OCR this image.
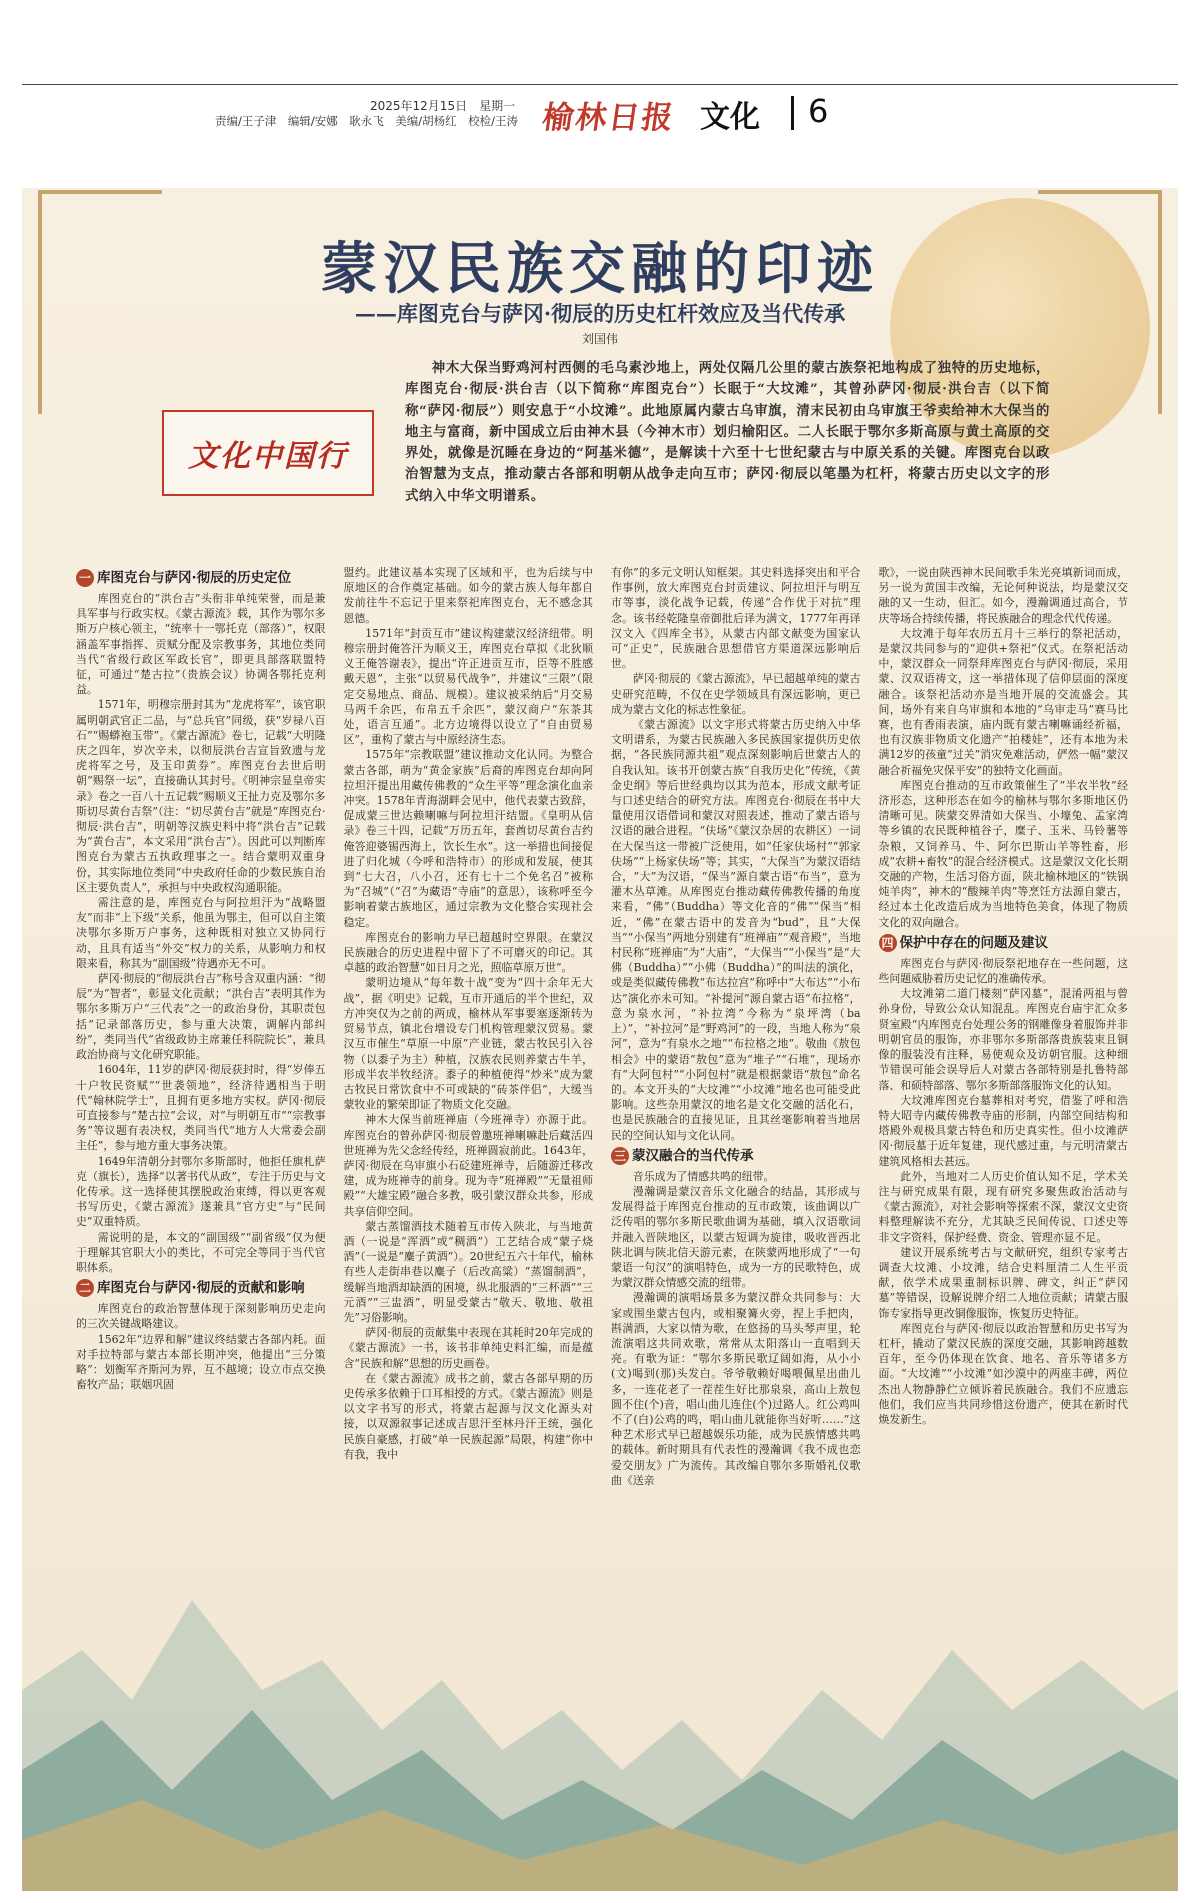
2025年12月15日　星期一
责编/王子津　编辑/安娜　耿永飞　美编/胡杨红　校检/王涛 榆林日报 文化 6
蒙汉民族交融的印迹
——库图克台与萨冈·彻辰的历史杠杆效应及当代传承
刘国伟
文化中国行

神木大保当野鸡河村西侧的毛乌素沙地上，两处仅隔几公里的蒙古族祭祀地构成了独特的历史地标，库图克台·彻辰·洪台吉（以下简称“库图克台”）长眠于“大坟滩”，其曾孙萨冈·彻辰·洪台吉（以下简称“萨冈·彻辰”）则安息于“小坟滩”。此地原属内蒙古乌审旗，清末民初由乌审旗王爷卖给神木大保当的地主与富商，新中国成立后由神木县（今神木市）划归榆阳区。二人长眠于鄂尔多斯高原与黄土高原的交界处，就像是沉睡在身边的“阿基米德”，是解读十六至十七世纪蒙古与中原关系的关键。库图克台以政治智慧为支点，推动蒙古各部和明朝从战争走向互市；萨冈·彻辰以笔墨为杠杆，将蒙古历史以文字的形式纳入中华文明谱系。

一 库图克台与萨冈·彻辰的历史定位

库图克台的“洪台吉”头衔非单纯荣誉，而是兼具军事与行政实权。《蒙古源流》载，其作为鄂尔多斯万户核心领主，“统率十一鄂托克（部落）”，权限涵盖军事指挥、贡赋分配及宗教事务，其地位类同当代“省级行政区军政长官”，即更具部落联盟特征，可通过“楚古拉”（贵族会议）协调各鄂托克利益。

1571年，明穆宗册封其为“龙虎将军”，该官职属明朝武官正二品，与“总兵官”同级，获“岁禄八百石”“赐蟒袍玉带”。《蒙古源流》卷七，记载“大明隆庆之四年，岁次辛未，以彻辰洪台吉宣旨致遗与龙虎将军之号，及玉印黄券”。库图克台去世后明朝“赐祭一坛”，直接确认其封号。《明神宗显皇帝实录》卷之一百八十五记载“赐顺义王扯力克及鄂尔多斯切尽黄台吉祭”（注：“切尽黄台吉”就是“库图克台·彻辰·洪台吉”，明朝等汉族史料中将“洪台吉”记载为“黄台吉”，本文采用“洪台吉”）。因此可以判断库图克台为蒙古五执政理事之一。结合蒙明双重身份，其实际地位类同“中央政府任命的少数民族自治区主要负责人”，承担与中央政权沟通职能。

需注意的是，库图克台与阿拉坦汗为“战略盟友”而非“上下级”关系，他虽为鄂主，但可以自主策决鄂尔多斯万户事务，这种既相对独立又协同行动，且具有适当“外交”权力的关系，从影响力和权限来看，称其为“副国级”待遇亦无不可。

萨冈·彻辰的“彻辰洪台吉”称号含双重内涵：“彻辰”为“智者”，彰显文化贡献；“洪台吉”表明其作为鄂尔多斯万户“三代表”之一的政治身份，其职责包括“记录部落历史，参与重大决策，调解内部纠纷”，类同当代“省级政协主席兼任科院院长”，兼具政治协商与文化研究职能。

1604年，11岁的萨冈·彻辰获封时，得“岁俸五十户牧民资赋”“世袭领地”，经济待遇相当于明代“翰林院学士”，且拥有更多地方实权。萨冈·彻辰可直接参与“楚古拉”会议，对“与明朝互市”“宗教事务”等议题有表决权，类同当代“地方人大常委会副主任”，参与地方重大事务决策。

1649年清朝分封鄂尔多斯部时，他拒任旗札萨克（旗长），选择“以著书代从政”，专注于历史与文化传承。这一选择使其摆脱政治束缚，得以更客观书写历史，《蒙古源流》遂兼具“官方史”与“民间史”双重特质。

需说明的是，本文的“副国级”“副省级”仅为便于理解其官职大小的类比，不可完全等同于当代官职体系。

二 库图克台与萨冈·彻辰的贡献和影响

库图克台的政治智慧体现于深刻影响历史走向的三次关键战略建议。

1562年“边界和解”建议终结蒙古各部内耗。面对手拉特部与蒙古本部长期冲突，他提出“三分策略”：划衡军齐斯河为界，互不越境；设立市点交换畜牧产品；联姻巩固

盟约。此建议基本实现了区域和平，也为后续与中原地区的合作奠定基础。如今的蒙古族人每年都自发前往牛不忘记于里来祭祀库图克台，无不感念其恩德。

1571年“封贡互市”建议构建蒙汉经济纽带。明穆宗册封俺答汗为顺义王，库图克台草拟《北狄顺义王俺答谢表》，提出“许正进贡互市，臣等不胜感戴天恩”，主张“以贸易代战争”，并建议“三限”（限定交易地点、商品、规模）。建议被采纳后“月交易马两千余匹，布帛五千余匹”，蒙汉商户“东茶其处，语言互通”。北方边境得以设立了“自由贸易区”，重构了蒙古与中原经济生态。

1575年“宗教联盟”建议推动文化认同。为整合蒙古各部，萌为“黄金家族”后裔的库图克台却向阿拉坦汗提出用藏传佛教的“众生平等”理念演化血亲冲突。1578年青海湖畔会见中，他代表蒙古致辞，促成蒙三世达赖喇嘛与阿拉坦汗结盟。《皇明从信录》卷三十四，记载“万历五年，套酋切尽黄台吉约俺答迎婆锡西海上，饮长生水”。这一举措也间接促进了归化城（今呼和浩特市）的形成和发展，使其到“七大召，八小召，还有七十二个免名召”被称为“召城”（“召”为藏语“寺庙”的意思），该称呼至今影响着蒙古族地区，通过宗教为文化整合实现社会稳定。

库图克台的影响力早已超越时空界限。在蒙汉民族融合的历史进程中留下了不可磨灭的印记。其卓越的政治智慧“如日月之光，照临草原万世”。

蒙明边境从“每年数十战”变为“四十余年无大战”，据《明史》记载，互市开通后的半个世纪，双方冲突仅为之前的两成，榆林从军事要塞逐渐转为贸易节点，镇北台增设专门机构管理蒙汉贸易。蒙汉互市催生“草原一中原”产业链，蒙古牧民引入谷物（以黍子为主）种植，汉族农民则养蒙古牛羊，形成半农半牧经济。黍子的种植使得“炒米”成为蒙古牧民日常饮食中不可或缺的“砖茶伴侣”，大缓当蒙牧业的繁荣即证了物质文化交融。

神木大保当前班禅庙（今班禅寺）亦源于此。库图克台的曾孙萨冈·彻辰曾邀班禅喇嘛赴后藏活四世班禅为先父念经传经，班禅圆寂前此。1643年，萨冈·彻辰在乌审旗小石砭建班禅寺，后随游迁移改建，成为班禅寺的前身。现为寺“班禅殿”“无量祖师殿”“大雄宝殿”融合多教，吸引蒙汉群众共参，形成共享信仰空间。

蒙古蒸馏酒技术随着互市传入陕北，与当地黄酒（一说是“浑酒”或“稠酒”）工艺结合成“蒙子烧酒”（一说是“麋子黄酒”）。20世纪五六十年代，榆林有些人走街串巷以麋子（后改高粱）“蒸馏制酒”，缓解当地酒却缺酒的困境，纵北服酒的“三杯酒”“三元酒”“三盅酒”，明显受蒙古“敬天、敬地、敬祖先”习俗影响。

萨冈·彻辰的贡献集中表现在其耗时20年完成的《蒙古源流》一书，该书非单纯史料汇编，而是蕴含“民族和解”思想的历史画卷。

在《蒙古源流》成书之前，蒙古各部早期的历史传承多依赖于口耳相授的方式。《蒙古源流》则是以文字书写的形式，将蒙古起源与汉文化源头对接，以双源叙事记述成吉思汗至林丹汗王统，强化民族自豪感，打破“单一民族起源”局限，构建“你中有我，我中

有你”的多元文明认知框架。其史料选择突出和平合作事例，放大库图克台封贡建议、阿拉坦汗与明互市等事，淡化战争记载，传递“合作优于对抗”理念。该书经乾隆皇帝御批后译为满文，1777年再译汉文入《四库全书》，从蒙古内部文献变为国家认可“正史”，民族融合思想借官方渠道深远影响后世。

萨冈·彻辰的《蒙古源流》，早已超越单纯的蒙古史研究范畴，不仅在史学领域具有深远影响，更已成为蒙古文化的标志性象征。

《蒙古源流》以文字形式将蒙古历史纳入中华文明谱系，为蒙古民族融入多民族国家提供历史依据，“各民族同源共祖”观点深刻影响后世蒙古人的自我认知。该书开创蒙古族“自我历史化”传统，《黄金史纲》等后世经典均以其为范本，形成文献考证与口述史结合的研究方法。库图克台·彻辰在书中大量使用汉语借词和蒙汉对照表述，推动了蒙古语与汉语的融合进程。“伕场”《蒙汉杂居的农耕区）一词在大保当这一带被广泛使用，如“任家伕场村”“郭家伕场”“上杨家伕场”等；其实，“大保当”为蒙汉语结合，“大”为汉语，“保当”源自蒙古语“布当”，意为灌木丛草滩。从库图克台推动藏传佛教传播的角度来看，“佛”（Buddha）等文化音的“佛”“保当”相近，“佛”在蒙古语中的发音为“bud”，且“大保当”“小保当”两地分别建有“班禅庙”“观音殿”，当地村民称“班禅庙”为“大庙”，“大保当”“小保当”是“大佛（Buddha）”“小佛（Buddha）”的叫法的演化，或是类似藏传佛教“布达拉宫”称呼中“大布达”“小布达”演化亦未可知。“补提河”源自蒙古语“布拉格”，意为泉水河，“补拉湾”今称为“泉坪湾（ba上）”，“补拉河”是“野鸡河”的一段，当地人称为“泉河”，意为“有泉水之地”“布拉格之地”。敬曲《敖包相会》中的蒙语“敖包”意为“堆子”“石堆”，现场亦有“大阿包村”“小阿包村”就是根据蒙语“敖包”命名的。本文开头的“大坟滩”“小坟滩”地名也可能受此影响。这些杂用蒙汉的地名是文化交融的活化石，也是民族融合的直接见证，且其丝毫影响着当地居民的空间认知与文化认同。

三 蒙汉融合的当代传承

音乐成为了情感共鸣的纽带。

漫瀚调是蒙汉音乐文化融合的结晶，其形成与发展得益于库图克台推动的互市政策，该曲调以广泛传唱的鄂尔多斯民歌曲调为基础，填入汉语歌词并融入晋陕地区，以蒙古短调为旋律，吸收晋西北陕北调与陕北信天游元素，在陕蒙两地形成了“一句蒙语一句汉”的演唱特色，成为一方的民歌特色，成为蒙汉群众情感交流的纽带。

漫瀚调的演唱场景多为蒙汉群众共同参与：大家或围坐蒙古包内，或相聚篝火旁，捏上手把肉，斟满酒，大家以情为歌，在悠扬的马头琴声里，轮流演唱这共同欢歌，常常从太阳落山一直唱到天亮。有歌为证：“鄂尔多斯民歌辽阔如海，从小小(文)喝到(那)头发白。爷爷敬赖好喝喂佩星出曲儿多，一连花老了一茬茬生好比那泉泉，高山上敖包圆不住(个)音，唱山曲儿连住(个)过路人。红公鸡叫不了(白)公鸡的鸣，唱山曲儿就能你当好听……”这种艺术形式早已超越娱乐功能，成为民族情感共鸣的载体。新时期具有代表性的漫瀚调《我不成也恋爱交朋友》广为流传。其改编自鄂尔多斯婚礼仪歌曲《送亲

歌》，一说由陕西神木民间歌手朱光亮填新词而成，另一说为黄国丰改编，无论何种说法，均是蒙汉交融的又一生动，但汇。如今，漫瀚调通过高合，节庆等场合持续传播，将民族融合的理念代代传递。

大坟滩于每年农历五月十三举行的祭祀活动，是蒙汉共同参与的“迎供+祭祀”仪式。在祭祀活动中，蒙汉群众一同祭拜库图克台与萨冈·彻辰，采用蒙、汉双语祷文，这一举措体现了信仰层面的深度融合。该祭祀活动亦是当地开展的交流盛会。其间，场外有来自乌审旗和本地的“乌审走马”赛马比赛，也有香雨表演，庙内既有蒙古喇嘛诵经祈福，也有汉族非物质文化遗产“拍楼娃”，还有本地为未满12岁的孩童“过关”消灾免难活动，俨然一幅“蒙汉融合祈福免灾保平安”的独特文化画面。

库图克台推动的互市政策催生了“半农半牧”经济形态，这种形态在如今的榆林与鄂尔多斯地区仍清晰可见。陕蒙交界清如大保当、小壕兔、孟家湾等乡镇的农民既种植谷子，糜子、玉米、马铃薯等杂粮，又饲养马、牛、阿尔巴斯山羊等牲畜，形成“农耕+畜牧”的混合经济模式。这是蒙汉文化长期交融的产物，生活习俗方面，陕北榆林地区的“铁锅炖羊肉”，神木的“酸辣羊肉”等烹饪方法源自蒙古，经过本土化改造后成为当地特色美食，体现了物质文化的双向融合。

四 保护中存在的问题及建议

库图克台与萨冈·彻辰祭祀地存在一些问题，这些问题威胁着历史记忆的准确传承。

大坟滩第二道门楼刻“萨冈墓”，混淆两祖与曾孙身份，导致公众认知混乱。库图克台庙宇汇众多贤室殿“内库图克台处理公务的钢雕像身着服饰并非明朝官员的服饰，亦非鄂尔多斯部落贵族装束且铜像的服装没有注释，易使观众及访朝官服。这种细节错误可能会误导后人对蒙古各部特别是扎鲁特部落、和硕特部落、鄂尔多斯部落服饰文化的认知。

大坟滩库图克台墓葬相对考究，借鉴了呼和浩特大昭寺内藏传佛教寺庙的形制，内部空间结构和塔殿外观极具蒙古特色和历史真实性。但小坟滩萨冈·彻辰墓于近年复建，现代感过重，与元明清蒙古建筑风格相去甚远。

此外，当地对二人历史价值认知不足，学术关注与研究成果有限，现有研究多聚焦政治活动与《蒙古源流》，对社会影响等探索不深，蒙汉文史资料整理解读不充分，尤其缺乏民间传说、口述史等非文字资料，保护经费、资金、管理亦显不足。

建议开展系统考古与文献研究，组织专家考古调查大坟滩、小坟滩，结合史料厘清二人生平贡献，依学术成果重制标识牌、碑文，纠正“萨冈墓”等错误，设解说牌介绍二人地位贡献；请蒙古服饰专家指导更改铜像服饰，恢复历史特征。

库图克台与萨冈·彻辰以政治智慧和历史书写为杠杆，撬动了蒙汉民族的深度交融，其影响跨越数百年，至今仍体现在饮食、地名、音乐等诸多方面。“大坟滩”“小坟滩”如沙漠中的两座丰碑，两位杰出人物静静伫立倾诉着民族融合。我们不应遗忘他们，我们应当共同珍惜这份遗产，使其在新时代焕发新生。
